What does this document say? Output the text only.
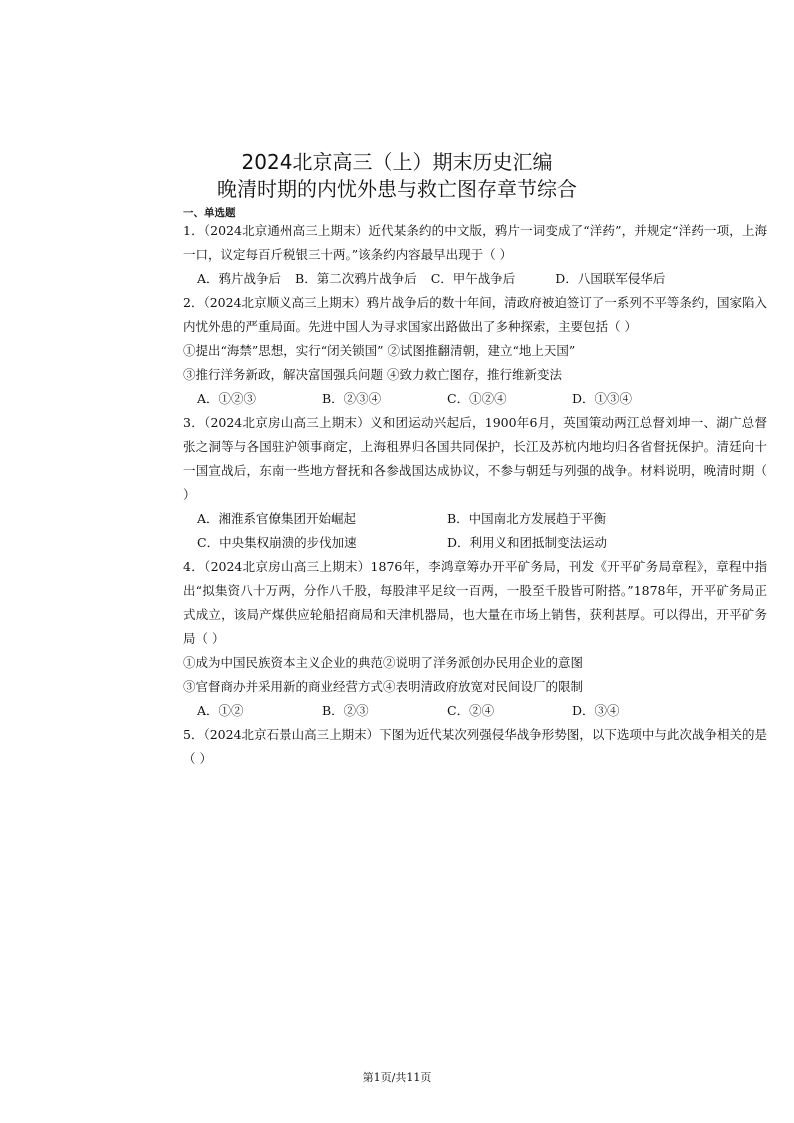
2024北京高三（上）期末历史汇编
晚清时期的内忧外患与救亡图存章节综合
一、单选题
1．（2024北京通州高三上期末）近代某条约的中文版，鸦片一词变成了“洋药”，并规定“洋药一项，上海一口，议定每百斤税银三十两。”该条约内容最早出现于（ ）
A．鸦片战争后 B．第二次鸦片战争后 C．甲午战争后	D．八国联军侵华后
2．（2024北京顺义高三上期末）鸦片战争后的数十年间，清政府被迫签订了一系列不平等条约，国家陷入内忧外患的严重局面。先进中国人为寻求国家出路做出了多种探索，主要包括（ ）
①提出“海禁”思想，实行“闭关锁国” ②试图推翻清朝，建立“地上天国”
③推行洋务新政，解决富国强兵问题 ④致力救亡图存，推行维新变法
A．①②③	B．②③④	C．①②④	D．①③④
3．（2024北京房山高三上期末）义和团运动兴起后，1900年6月，英国策动两江总督刘坤一、湖广总督张之洞等与各国驻沪领事商定，上海租界归各国共同保护，长江及苏杭内地均归各省督抚保护。清廷向十一国宣战后，东南一些地方督抚和各参战国达成协议，不参与朝廷与列强的战争。材料说明，晚清时期（ ）
A．湘淮系官僚集团开始崛起	B．中国南北方发展趋于平衡
C．中央集权崩溃的步伐加速	D．利用义和团抵制变法运动
4．（2024北京房山高三上期末）1876年，李鸿章筹办开平矿务局，刊发《开平矿务局章程》，章程中指出“拟集资八十万两，分作八千股，每股津平足纹一百两，一股至千股皆可附搭。”1878年，开平矿务局正式成立，该局产煤供应轮船招商局和天津机器局，也大量在市场上销售，获利甚厚。可以得出，开平矿务局（ ）
①成为中国民族资本主义企业的典范②说明了洋务派创办民用企业的意图
③官督商办并采用新的商业经营方式④表明清政府放宽对民间设厂的限制
A．①②	B．②③	C．②④	D．③④
5．（2024北京石景山高三上期末）下图为近代某次列强侵华战争形势图，以下选项中与此次战争相关的是（ ）
第1页/共11页
